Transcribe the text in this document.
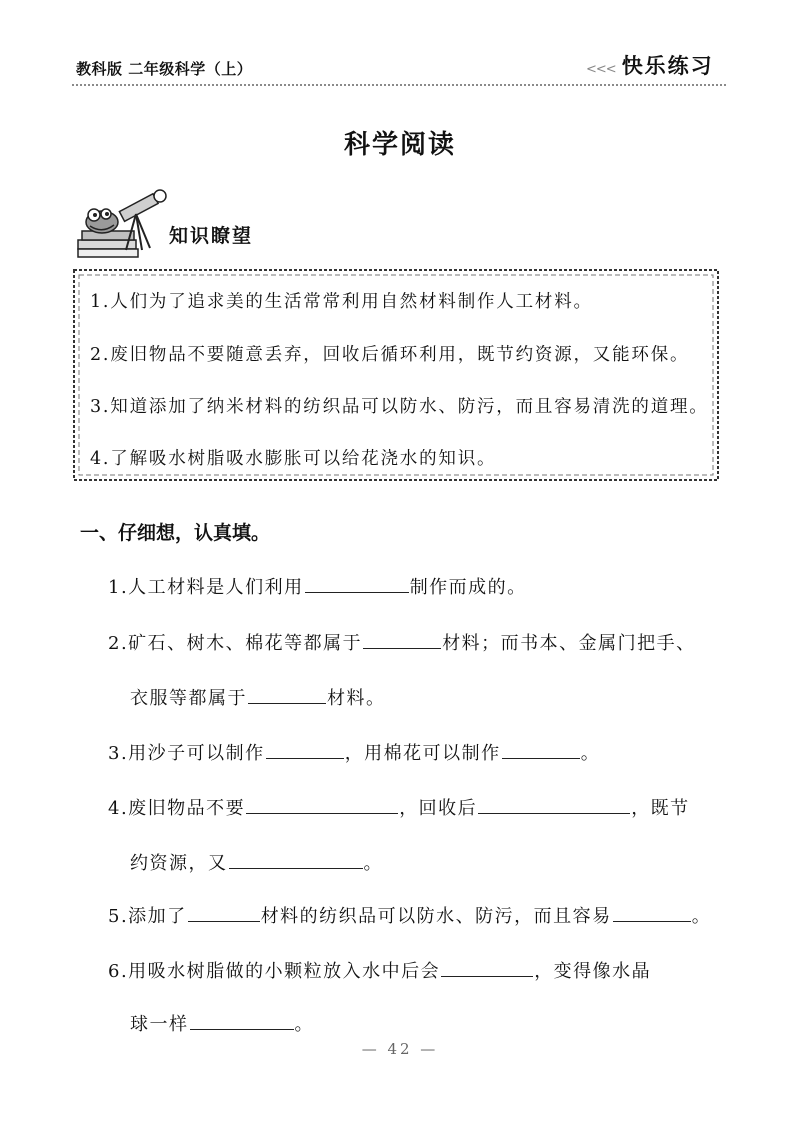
教科版 二年级科学（上）	<<< 快乐练习
科学阅读
知识瞭望
1.人们为了追求美的生活常常利用自然材料制作人工材料。
2.废旧物品不要随意丢弃，回收后循环利用，既节约资源，又能环保。
3.知道添加了纳米材料的纺织品可以防水、防污，而且容易清洗的道理。
4.了解吸水树脂吸水膨胀可以给花浇水的知识。
一、仔细想，认真填。
1.人工材料是人们利用	制作而成的。
2.矿石、树木、棉花等都属于	材料；而书本、金属门把手、
衣服等都属于	材料。
3.用沙子可以制作	，用棉花可以制作	。
4.废旧物品不要	，回收后	，既节
约资源，又	。
5.添加了	材料的纺织品可以防水、防污，而且容易	。
6.用吸水树脂做的小颗粒放入水中后会	，变得像水晶
球一样	。
— 42 —
